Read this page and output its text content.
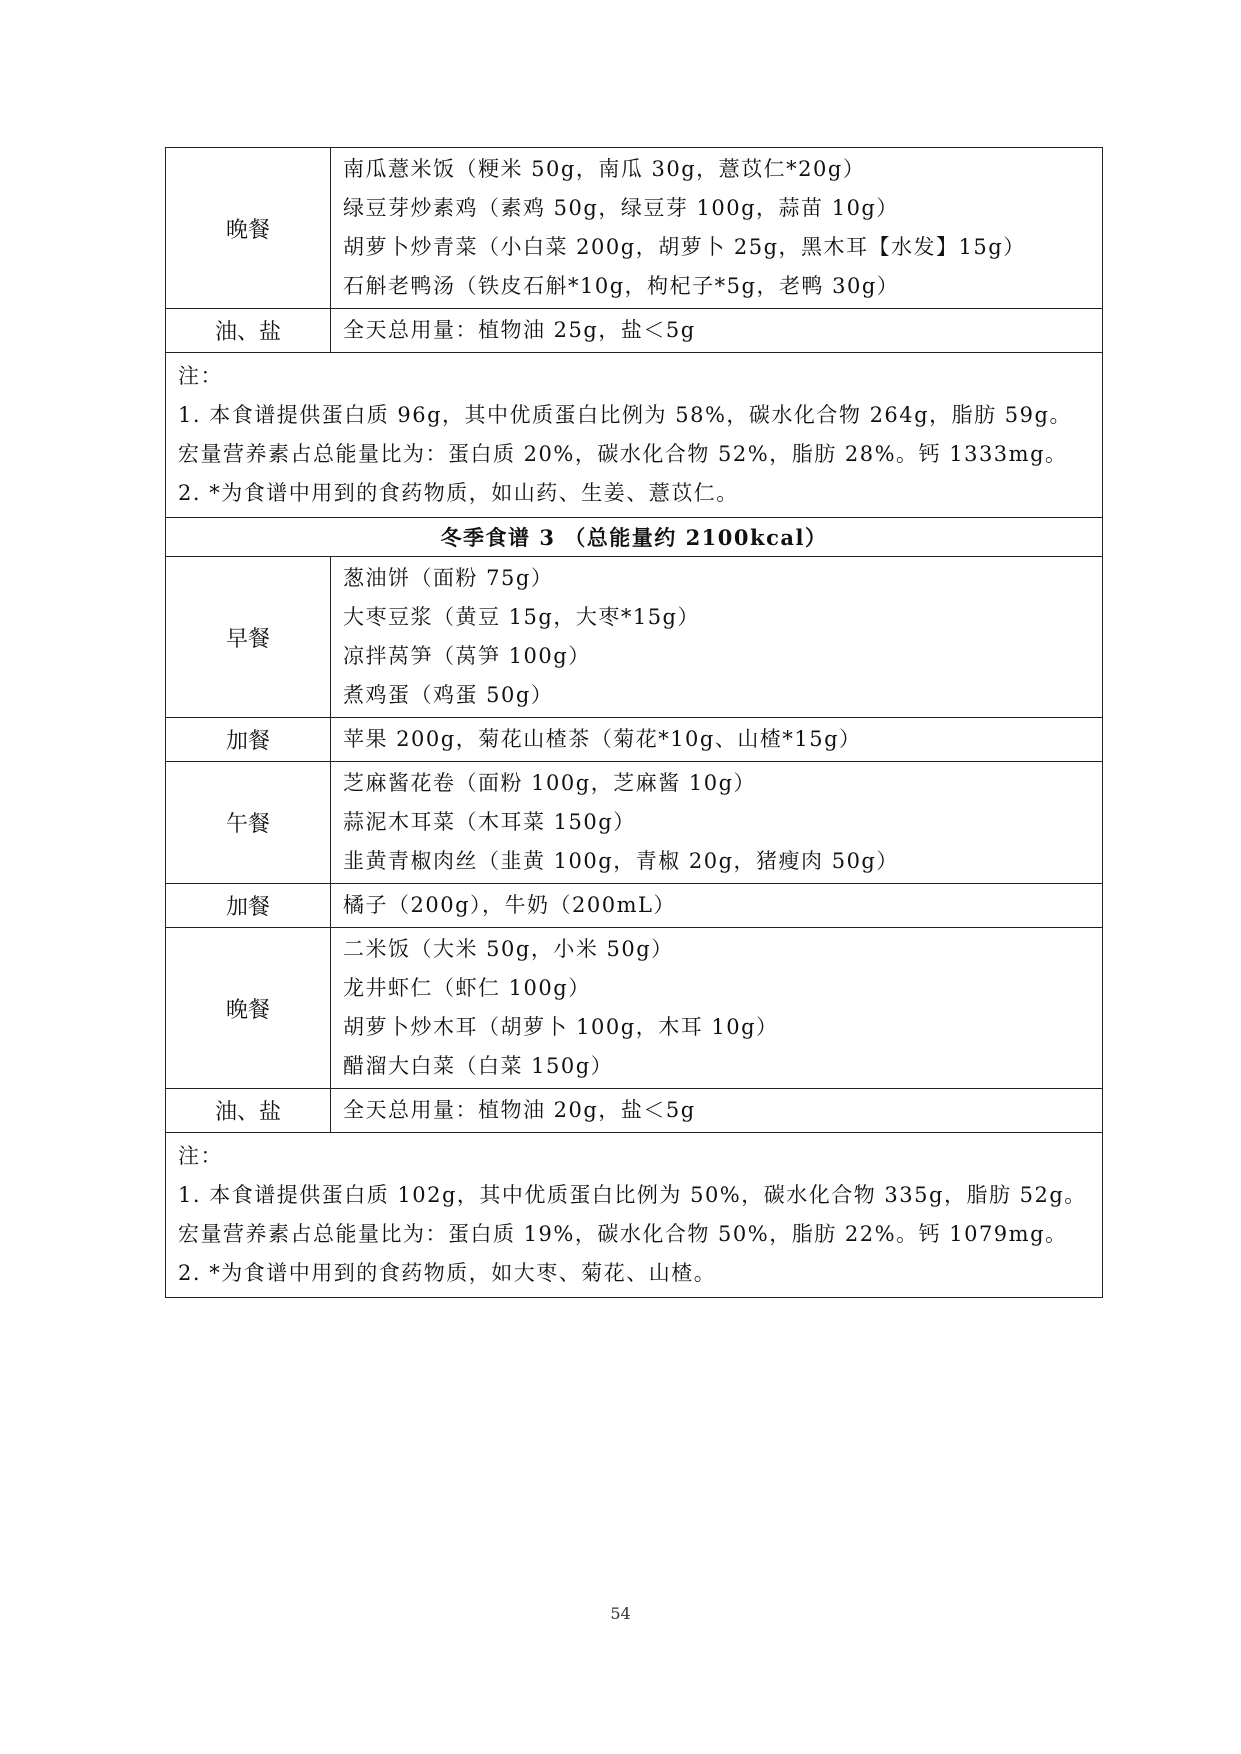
晚餐	南瓜薏米饭（粳米 50g，南瓜 30g，薏苡仁*20g）
绿豆芽炒素鸡（素鸡 50g，绿豆芽 100g，蒜苗 10g）
胡萝卜炒青菜（小白菜 200g，胡萝卜 25g，黑木耳【水发】15g）
石斛老鸭汤（铁皮石斛*10g，枸杞子*5g，老鸭 30g）

油、盐	全天总用量：植物油 25g，盐＜5g

注：
1. 本食谱提供蛋白质 96g，其中优质蛋白比例为 58%，碳水化合物 264g，脂肪 59g。
宏量营养素占总能量比为：蛋白质 20%，碳水化合物 52%，脂肪 28%。钙 1333mg。
2. *为食谱中用到的食药物质，如山药、生姜、薏苡仁。	

冬季食谱 3 （总能量约 2100kcal）	
早餐	葱油饼（面粉 75g）
大枣豆浆（黄豆 15g，大枣*15g）
凉拌莴笋（莴笋 100g）
煮鸡蛋（鸡蛋 50g）

加餐	苹果 200g，菊花山楂茶（菊花*10g、山楂*15g）

午餐	芝麻酱花卷（面粉 100g，芝麻酱 10g）
蒜泥木耳菜（木耳菜 150g）
韭黄青椒肉丝（韭黄 100g，青椒 20g，猪瘦肉 50g）

加餐	橘子（200g），牛奶（200mL）

晚餐	二米饭（大米 50g，小米 50g）
龙井虾仁（虾仁 100g）
胡萝卜炒木耳（胡萝卜 100g，木耳 10g）
醋溜大白菜（白菜 150g）

油、盐	全天总用量：植物油 20g，盐＜5g

注：
1. 本食谱提供蛋白质 102g，其中优质蛋白比例为 50%，碳水化合物 335g，脂肪 52g。
宏量营养素占总能量比为：蛋白质 19%，碳水化合物 50%，脂肪 22%。钙 1079mg。
2. *为食谱中用到的食药物质，如大枣、菊花、山楂。	
54
